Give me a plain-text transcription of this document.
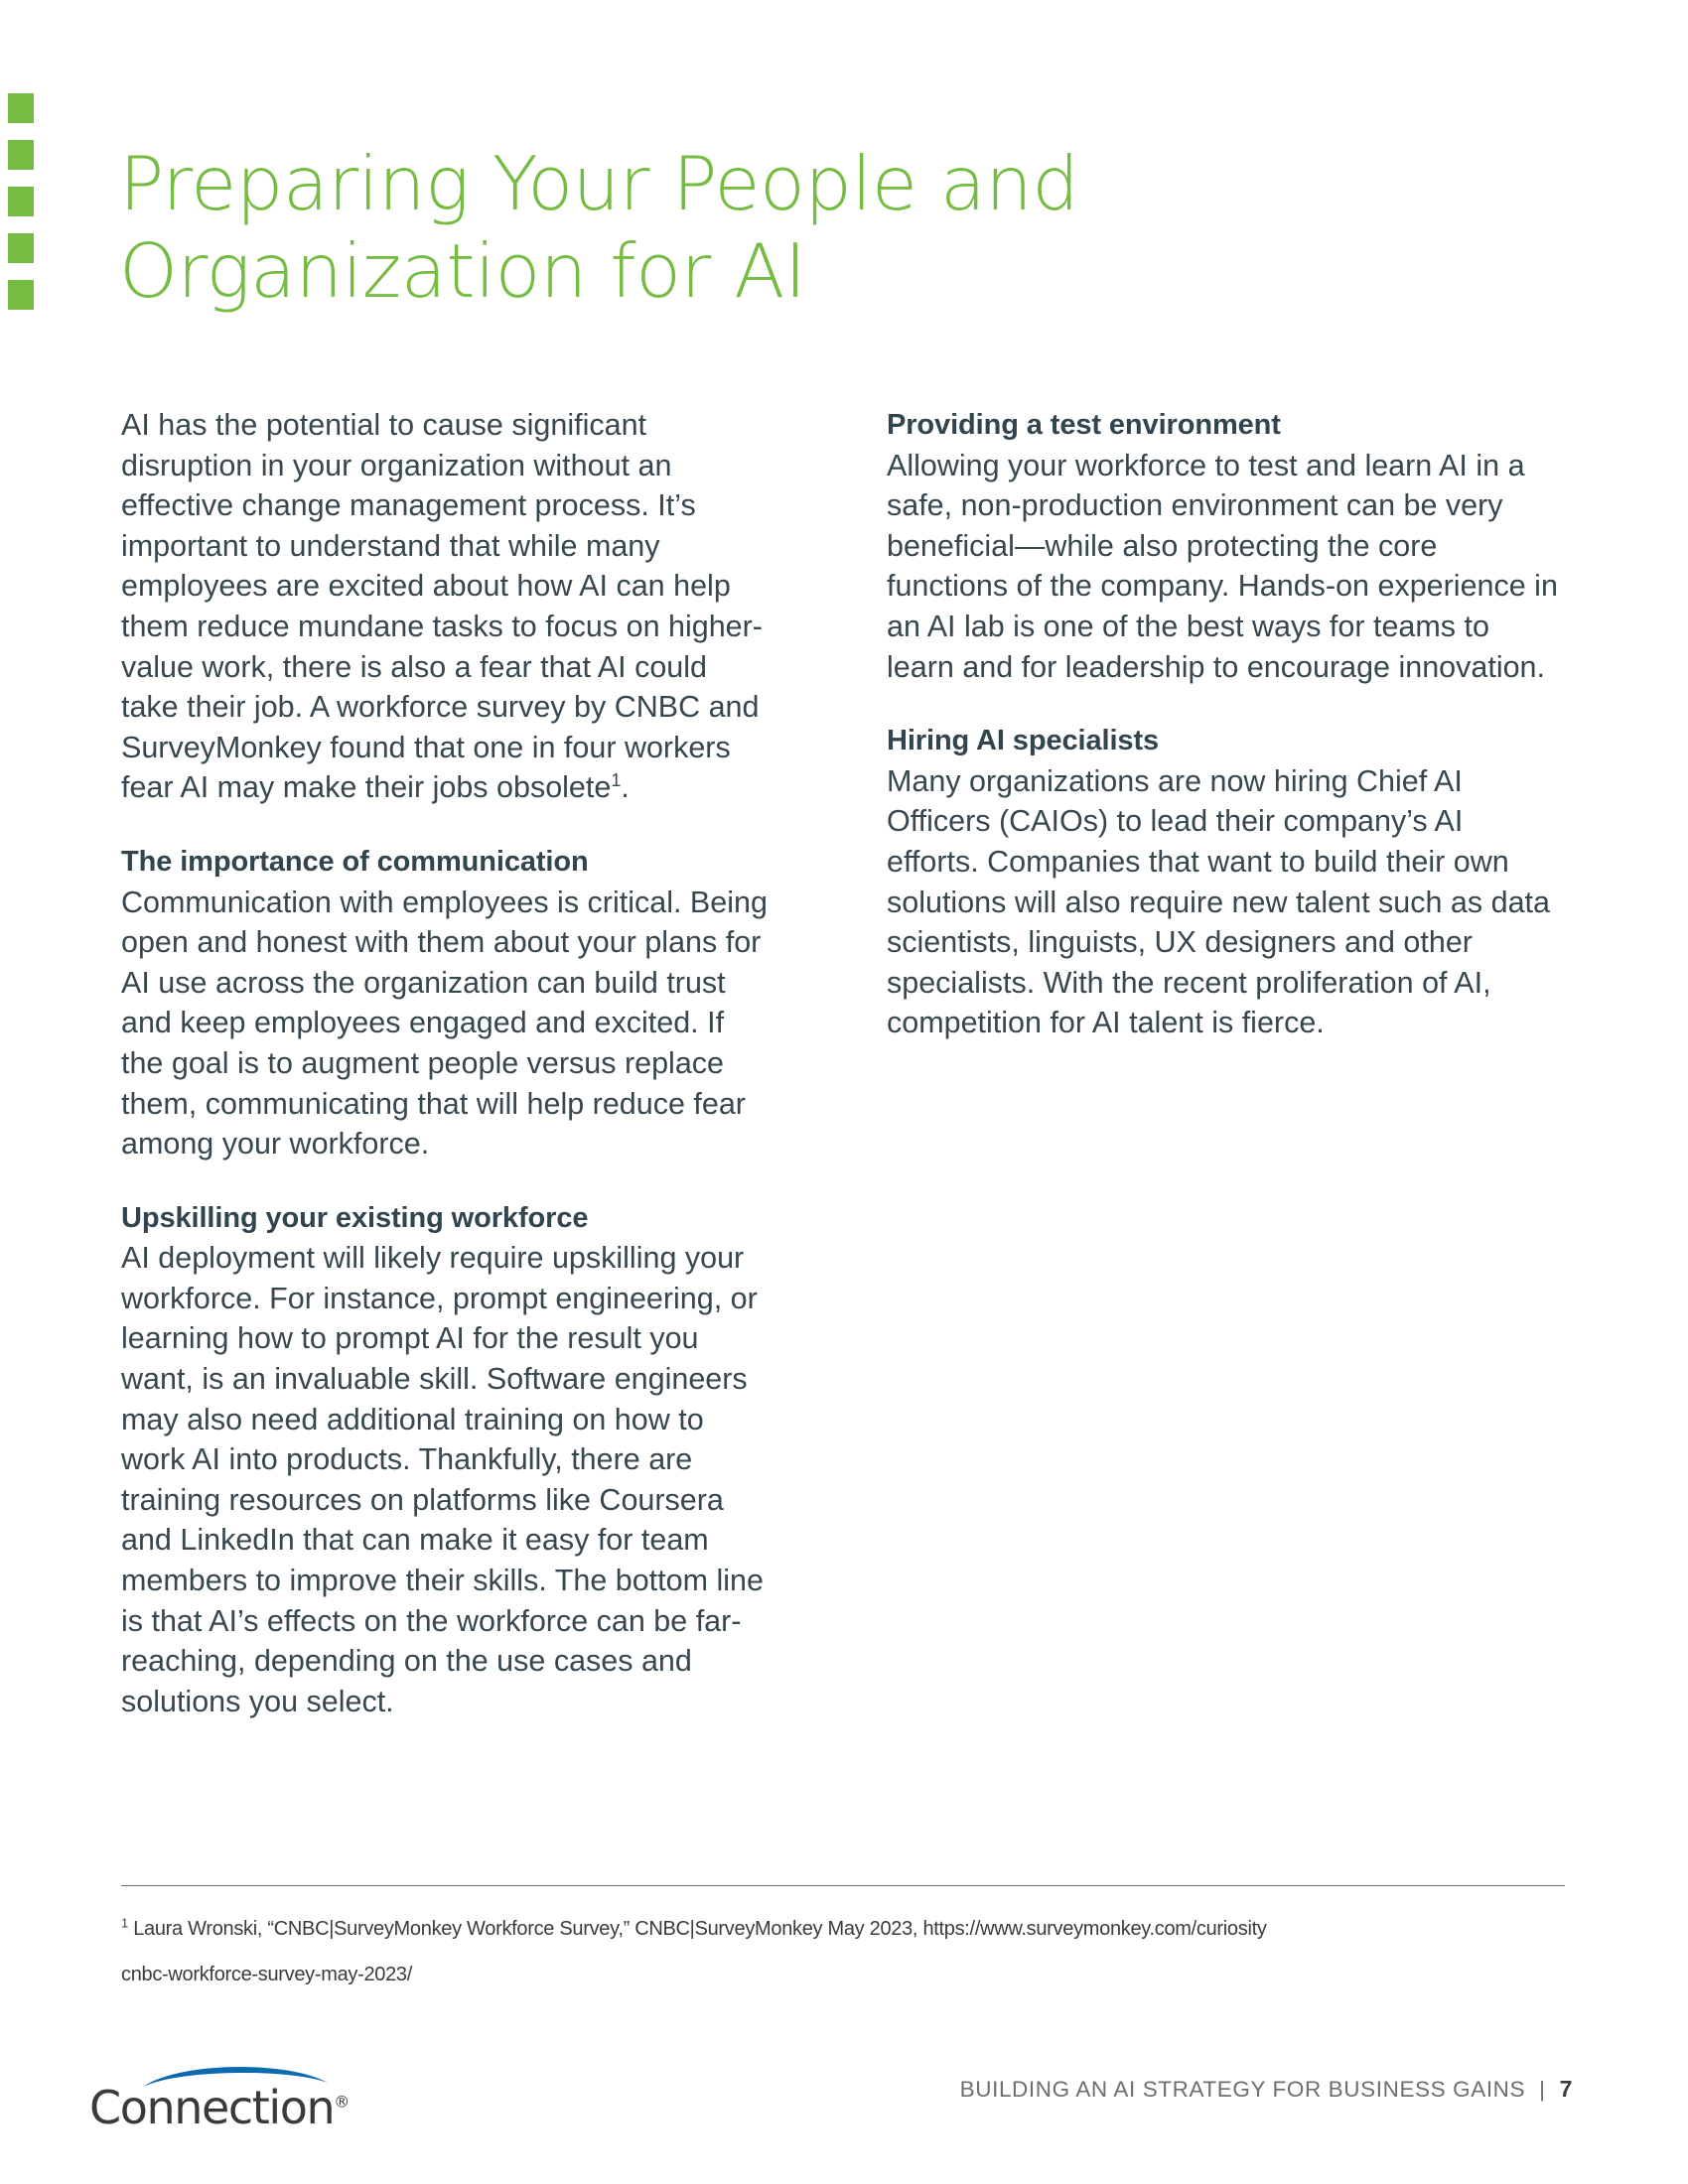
Preparing Your People and
Organization for AI

AI has the potential to cause significant disruption in your organization without an effective change management process. It’s important to understand that while many employees are excited about how AI can help them reduce mundane tasks to focus on higher-value work, there is also a fear that AI could take their job. A workforce survey by CNBC and SurveyMonkey found that one in four workers fear AI may make their jobs obsolete$^1$.

The importance of communication

Communication with employees is critical. Being open and honest with them about your plans for AI use across the organization can build trust and keep employees engaged and excited. If the goal is to augment people versus replace them, communicating that will help reduce fear among your workforce.

Upskilling your existing workforce

AI deployment will likely require upskilling your workforce. For instance, prompt engineering, or learning how to prompt AI for the result you want, is an invaluable skill. Software engineers may also need additional training on how to work AI into products. Thankfully, there are training resources on platforms like Coursera and LinkedIn that can make it easy for team members to improve their skills. The bottom line is that AI’s effects on the workforce can be far-reaching, depending on the use cases and solutions you select.

Providing a test environment

Allowing your workforce to test and learn AI in a safe, non-production environment can be very beneficial—while also protecting the core functions of the company. Hands-on experience in an AI lab is one of the best ways for teams to learn and for leadership to encourage innovation.

Hiring AI specialists

Many organizations are now hiring Chief AI Officers (CAIOs) to lead their company’s AI efforts. Companies that want to build their own solutions will also require new talent such as data scientists, linguists, UX designers and other specialists. With the recent proliferation of AI, competition for AI talent is fierce.

$^1$ Laura Wronski, “CNBC|SurveyMonkey Workforce Survey,” CNBC|SurveyMonkey May 2023, https://www.surveymonkey.com/curiosity
cnbc-workforce-survey-may-2023/
Connection®
BUILDING AN AI STRATEGY FOR BUSINESS GAINS | 7
